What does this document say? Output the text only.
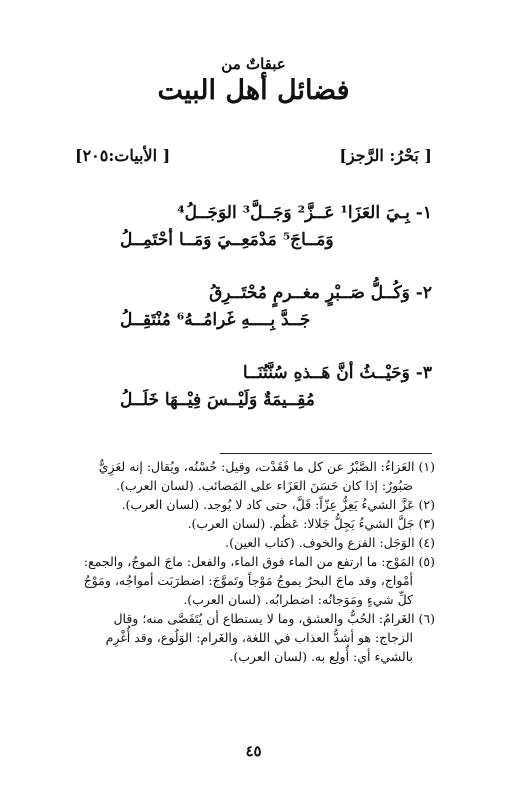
عبقاتٌ من
فضائل أهل البيت
[ بَحْرُ: الرَّجز]
[ الأبيات:٢٠٥]
١- بِـيَ العَزَا¹ عَــزَّ² وَجَــلَّ³ الوَجَــلُ⁴
وَمَــاجَ⁵ مَدْمَعِــيَ وَمَــا أحْتَمِــلُ
٢- وَكُــلُّ صَــبْرٍ مغــرمٍ مُحْتَــرِقُ
جَــدَّ بِــــهِ غَرامُــهُ⁶ مُنْتَقِــلُ
٣- وَحَيْــثُ أنَّ هَــذهِ سُنَّتُنَــا
مُقِــيمَةٌ وَلَيْــسَ فِيْــهَا خَلَــلُ

(١) العَزاءُ: الصَّبْرُ عن كل ما فَقَدْت، وقيل: حُسْنُه، ويُقال: إنه لعَزِيٌّ
صَبُورٌ: إذا كان حَسَنَ العَزَاء على المَصائب. (لسان العرب).

(٢) عَزَّ الشيءُ يَعِزُّ عِزّاً: قَلَّ، حتى كاد لا يُوجد. (لسان العرب).

(٣) جَلَّ الشيءُ يَجِلُّ جَلالا: عَظُم. (لسان العرب).

(٤) الوَجَل: الفزع والخوف. (كتاب العين).

(٥) المَوْج: ما ارتفع من الماء فوق الماء، والفعل: ماجَ الموجُ، والجمع:
أمْواج، وقد ماجَ البحرُ يموجُ مَوْجاً وتَموَّجَ: اضطرَبَت أمواجُه، ومَوْجُ
كلِّ شيءٍ ومَوَجانُه: اضطرابُه. (لسان العرب).

(٦) الغَرامُ: الحُبُّ والعشق، وما لا يستطاع أن يُتَفَصَّى منه؛ وقال
الزجاج: هو أشدُّ العذاب في اللغة، والغَرام: الوَلُوع، وقد أُغْرِم
بالشيء أي: أُولِع به. (لسان العرب).

٤٥
